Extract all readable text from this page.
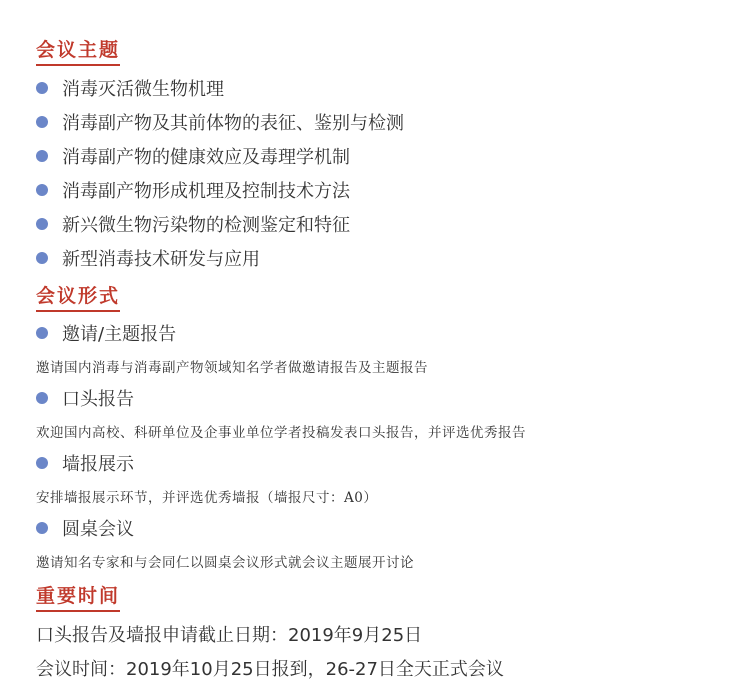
会议主题
消毒灭活微生物机理
消毒副产物及其前体物的表征、鉴别与检测
消毒副产物的健康效应及毒理学机制
消毒副产物形成机理及控制技术方法
新兴微生物污染物的检测鉴定和特征
新型消毒技术研发与应用
会议形式
邀请/主题报告
邀请国内消毒与消毒副产物领域知名学者做邀请报告及主题报告
口头报告
欢迎国内高校、科研单位及企事业单位学者投稿发表口头报告，并评选优秀报告
墙报展示
安排墙报展示环节，并评选优秀墙报（墙报尺寸：A0）
圆桌会议
邀请知名专家和与会同仁以圆桌会议形式就会议主题展开讨论
重要时间
口头报告及墙报申请截止日期：2019年9月25日
会议时间：2019年10月25日报到，26-27日全天正式会议
